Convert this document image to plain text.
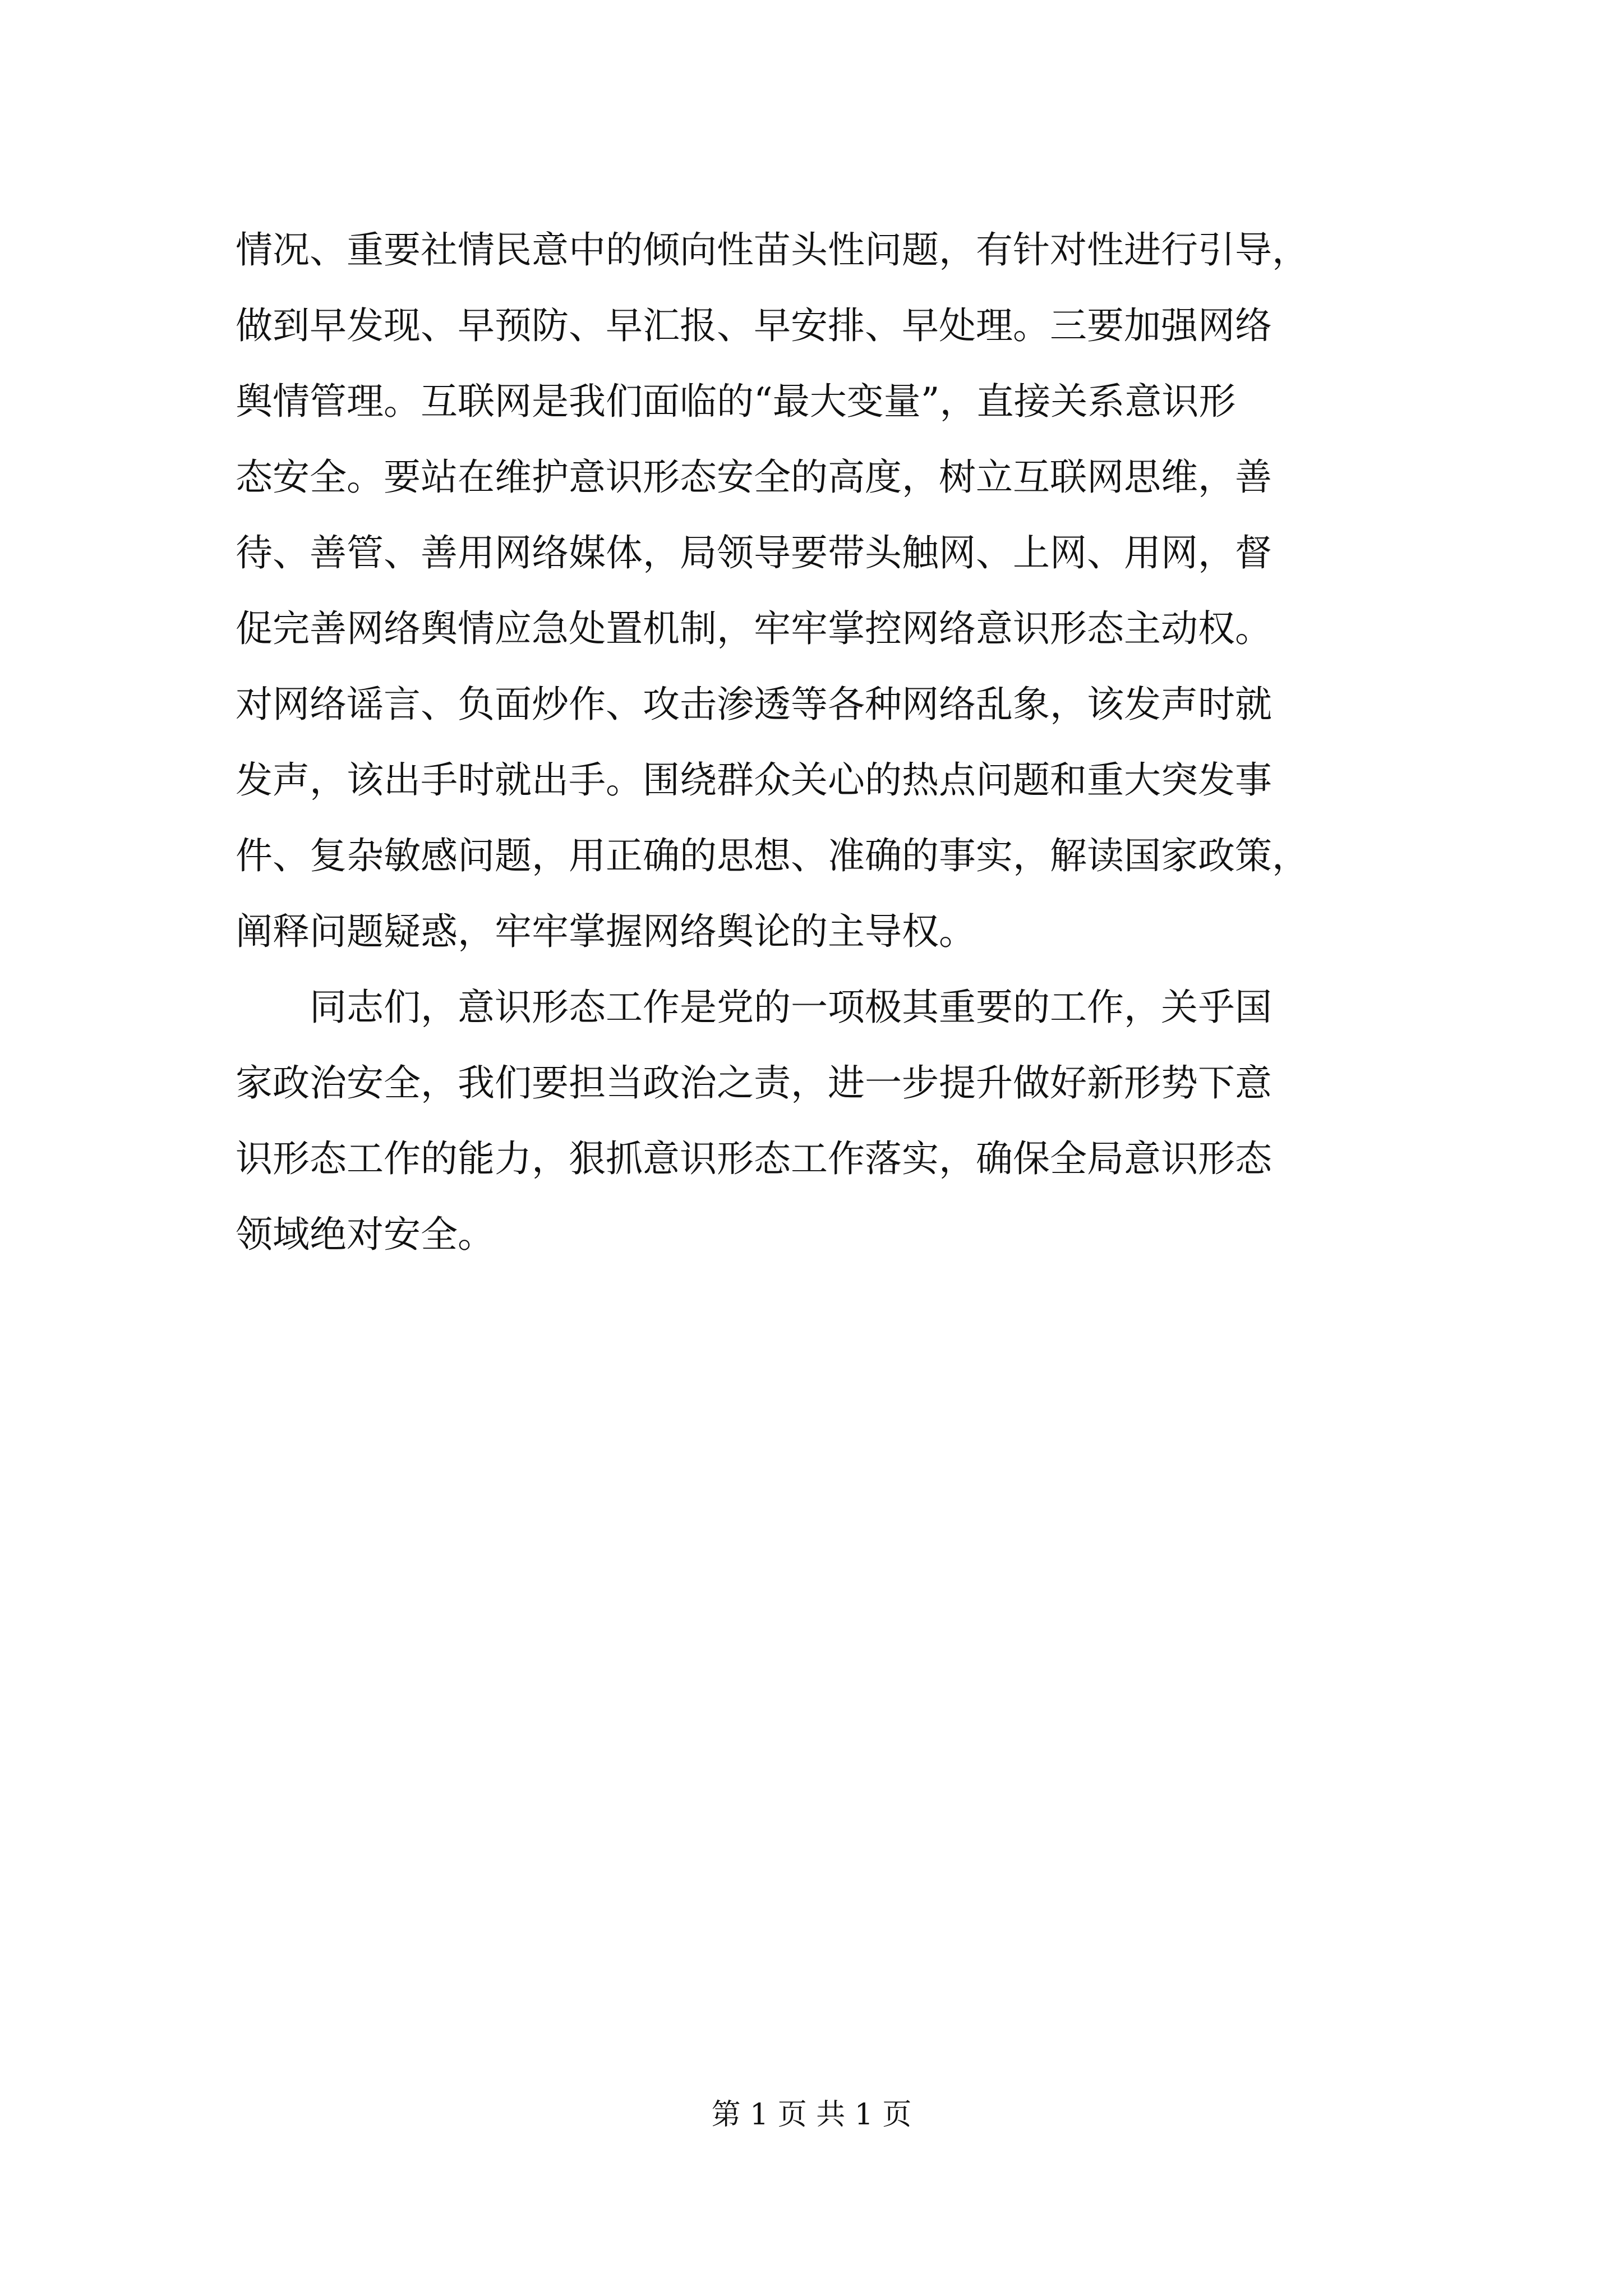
情况、重要社情民意中的倾向性苗头性问题，有针对性进行引导，
做到早发现、早预防、早汇报、早安排、早处理。三要加强网络
舆情管理。互联网是我们面临的“最大变量”，直接关系意识形
态安全。要站在维护意识形态安全的高度，树立互联网思维，善
待、善管、善用网络媒体，局领导要带头触网、上网、用网，督
促完善网络舆情应急处置机制，牢牢掌控网络意识形态主动权。
对网络谣言、负面炒作、攻击渗透等各种网络乱象，该发声时就
发声，该出手时就出手。围绕群众关心的热点问题和重大突发事
件、复杂敏感问题，用正确的思想、准确的事实，解读国家政策，
阐释问题疑惑，牢牢掌握网络舆论的主导权。
同志们，意识形态工作是党的一项极其重要的工作，关乎国
家政治安全，我们要担当政治之责，进一步提升做好新形势下意
识形态工作的能力，狠抓意识形态工作落实，确保全局意识形态
领域绝对安全。
第 1 页 共 1 页
